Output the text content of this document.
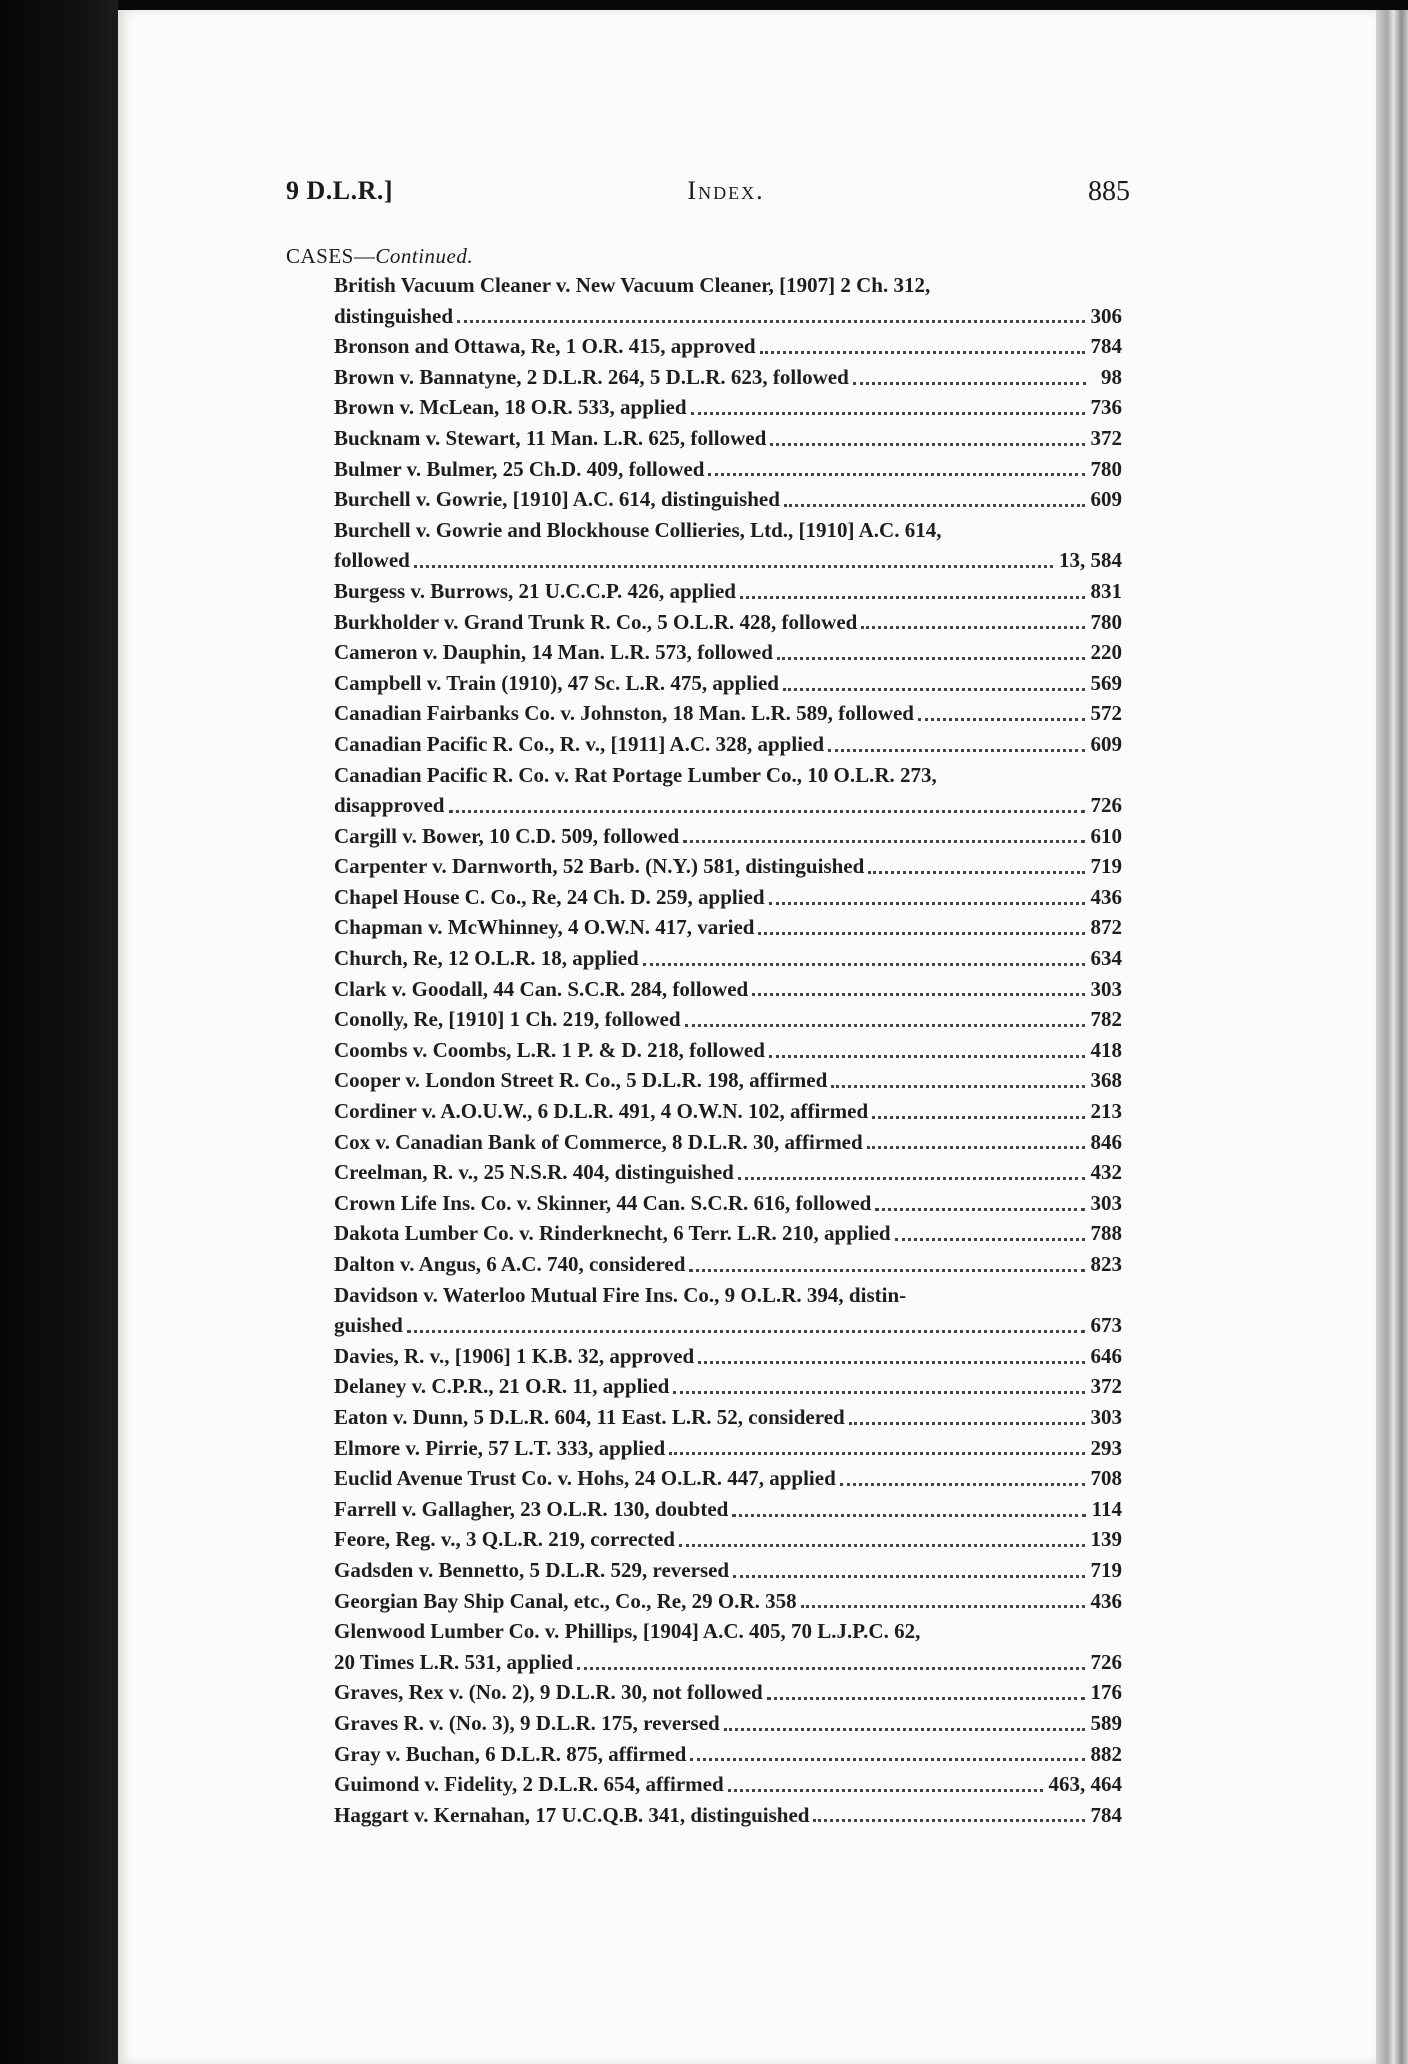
9 D.L.R.]	Index.	885
CASES—Continued.
British Vacuum Cleaner v. New Vacuum Cleaner, [1907] 2 Ch. 312,
distinguished	306
Bronson and Ottawa, Re, 1 O.R. 415, approved	784
Brown v. Bannatyne, 2 D.L.R. 264, 5 D.L.R. 623, followed	98
Brown v. McLean, 18 O.R. 533, applied	736
Bucknam v. Stewart, 11 Man. L.R. 625, followed	372
Bulmer v. Bulmer, 25 Ch.D. 409, followed	780
Burchell v. Gowrie, [1910] A.C. 614, distinguished	609
Burchell v. Gowrie and Blockhouse Collieries, Ltd., [1910] A.C. 614,
followed	13, 584
Burgess v. Burrows, 21 U.C.C.P. 426, applied	831
Burkholder v. Grand Trunk R. Co., 5 O.L.R. 428, followed	780
Cameron v. Dauphin, 14 Man. L.R. 573, followed	220
Campbell v. Train (1910), 47 Sc. L.R. 475, applied	569
Canadian Fairbanks Co. v. Johnston, 18 Man. L.R. 589, followed	572
Canadian Pacific R. Co., R. v., [1911] A.C. 328, applied	609
Canadian Pacific R. Co. v. Rat Portage Lumber Co., 10 O.L.R. 273,
disapproved	726
Cargill v. Bower, 10 C.D. 509, followed	610
Carpenter v. Darnworth, 52 Barb. (N.Y.) 581, distinguished	719
Chapel House C. Co., Re, 24 Ch. D. 259, applied	436
Chapman v. McWhinney, 4 O.W.N. 417, varied	872
Church, Re, 12 O.L.R. 18, applied	634
Clark v. Goodall, 44 Can. S.C.R. 284, followed	303
Conolly, Re, [1910] 1 Ch. 219, followed	782
Coombs v. Coombs, L.R. 1 P. & D. 218, followed	418
Cooper v. London Street R. Co., 5 D.L.R. 198, affirmed	368
Cordiner v. A.O.U.W., 6 D.L.R. 491, 4 O.W.N. 102, affirmed	213
Cox v. Canadian Bank of Commerce, 8 D.L.R. 30, affirmed	846
Creelman, R. v., 25 N.S.R. 404, distinguished	432
Crown Life Ins. Co. v. Skinner, 44 Can. S.C.R. 616, followed	303
Dakota Lumber Co. v. Rinderknecht, 6 Terr. L.R. 210, applied	788
Dalton v. Angus, 6 A.C. 740, considered	823
Davidson v. Waterloo Mutual Fire Ins. Co., 9 O.L.R. 394, distin-
guished	673
Davies, R. v., [1906] 1 K.B. 32, approved	646
Delaney v. C.P.R., 21 O.R. 11, applied	372
Eaton v. Dunn, 5 D.L.R. 604, 11 East. L.R. 52, considered	303
Elmore v. Pirrie, 57 L.T. 333, applied	293
Euclid Avenue Trust Co. v. Hohs, 24 O.L.R. 447, applied	708
Farrell v. Gallagher, 23 O.L.R. 130, doubted	114
Feore, Reg. v., 3 Q.L.R. 219, corrected	139
Gadsden v. Bennetto, 5 D.L.R. 529, reversed	719
Georgian Bay Ship Canal, etc., Co., Re, 29 O.R. 358	436
Glenwood Lumber Co. v. Phillips, [1904] A.C. 405, 70 L.J.P.C. 62,
20 Times L.R. 531, applied	726
Graves, Rex v. (No. 2), 9 D.L.R. 30, not followed	176
Graves R. v. (No. 3), 9 D.L.R. 175, reversed	589
Gray v. Buchan, 6 D.L.R. 875, affirmed	882
Guimond v. Fidelity, 2 D.L.R. 654, affirmed	463, 464
Haggart v. Kernahan, 17 U.C.Q.B. 341, distinguished	784
